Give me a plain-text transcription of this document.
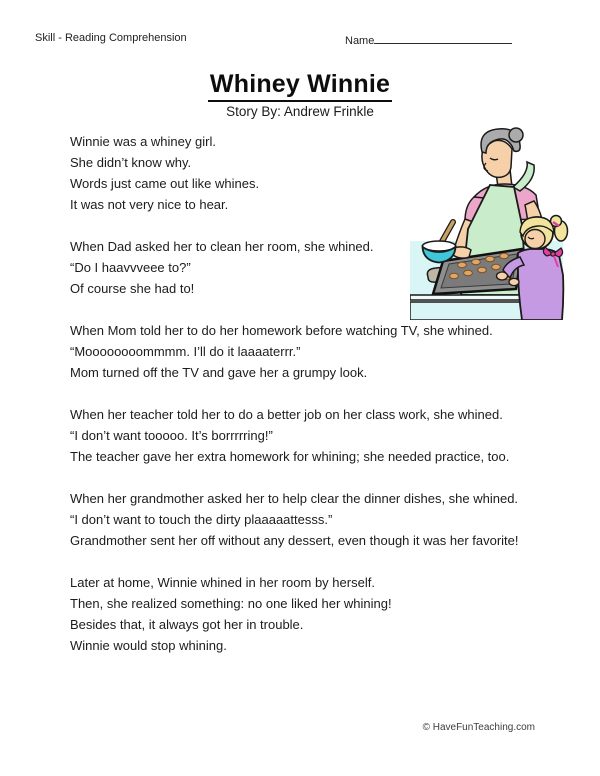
Skill - Reading Comprehension	Name
Whiney Winnie
Story By: Andrew Frinkle
Winnie was a whiney girl.
She didn’t know why.
Words just came out like whines.
It was not very nice to hear.
When Dad asked her to clean her room, she whined.
“Do I haavvveee to?”
Of course she had to!
When Mom told her to do her homework before watching TV, she whined.
“Moooooooommmm. I’ll do it laaaaterrr.”
Mom turned off the TV and gave her a grumpy look.
When her teacher told her to do a better job on her class work, she whined.
“I don’t want tooooo. It’s borrrrring!”
The teacher gave her extra homework for whining; she needed practice, too.
When her grandmother asked her to help clear the dinner dishes, she whined.
“I don’t want to touch the dirty plaaaaattesss.”
Grandmother sent her off without any dessert, even though it was her favorite!
Later at home, Winnie whined in her room by herself.
Then, she realized something: no one liked her whining!
Besides that, it always got her in trouble.
Winnie would stop whining.
© HaveFunTeaching.com
